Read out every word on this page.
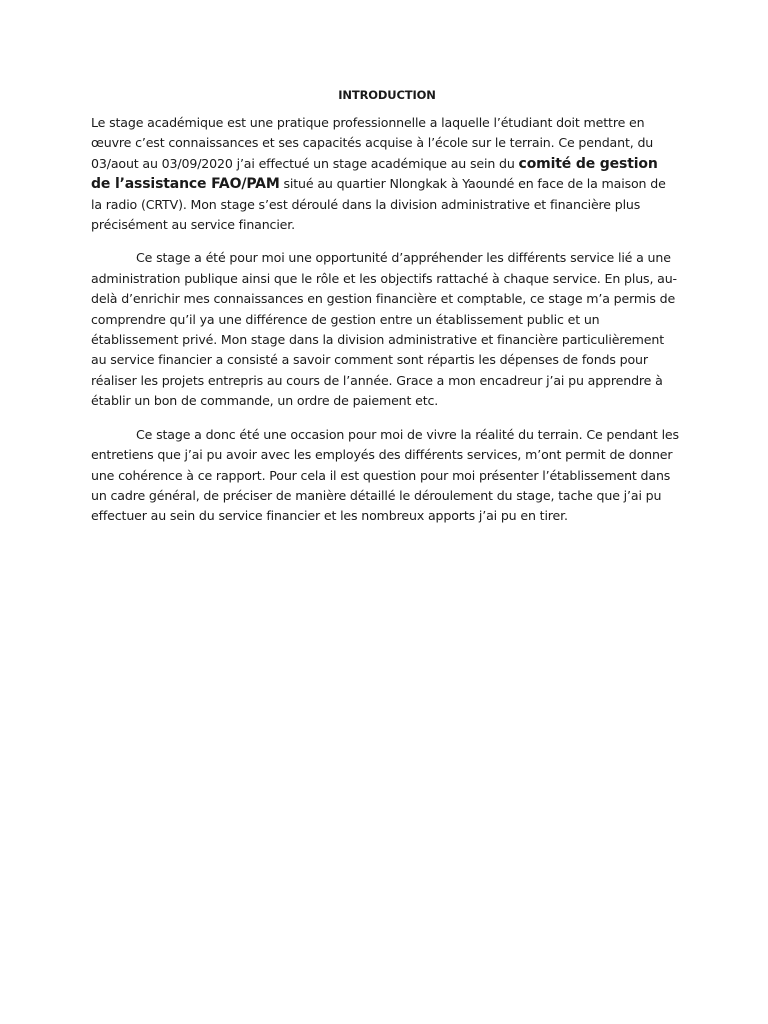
INTRODUCTION

Le stage académique est une pratique professionnelle a laquelle l’étudiant doit mettre en œuvre c’est connaissances et ses capacités acquise à l’école sur le terrain. Ce pendant, du 03/aout au 03/09/2020 j’ai effectué un stage académique au sein du comité de gestion de l’assistance FAO/PAM situé au quartier Nlongkak à Yaoundé en face de la maison de la radio (CRTV). Mon stage s’est déroulé dans la division administrative et financière plus précisément au service financier.

Ce stage a été pour moi une opportunité d’appréhender les différents service lié a une administration publique ainsi que le rôle et les objectifs rattaché à chaque service. En plus, au-delà d’enrichir mes connaissances en gestion financière et comptable, ce stage m’a permis de comprendre qu’il ya une différence de gestion entre un établissement public et un établissement privé. Mon stage dans la division administrative et financière particulièrement au service financier a consisté a savoir comment sont répartis les dépenses de fonds pour réaliser les projets entrepris au cours de l’année. Grace a mon encadreur j’ai pu apprendre à établir un bon de commande, un ordre de paiement etc.

Ce stage a donc été une occasion pour moi de vivre la réalité du terrain. Ce pendant les entretiens que j’ai pu avoir avec les employés des différents services, m’ont permit de donner une cohérence à ce rapport. Pour cela il est question pour moi présenter l’établissement dans un cadre général, de préciser de manière détaillé le déroulement du stage, tache que j’ai pu effectuer au sein du service financier et les nombreux apports j’ai pu en tirer.
